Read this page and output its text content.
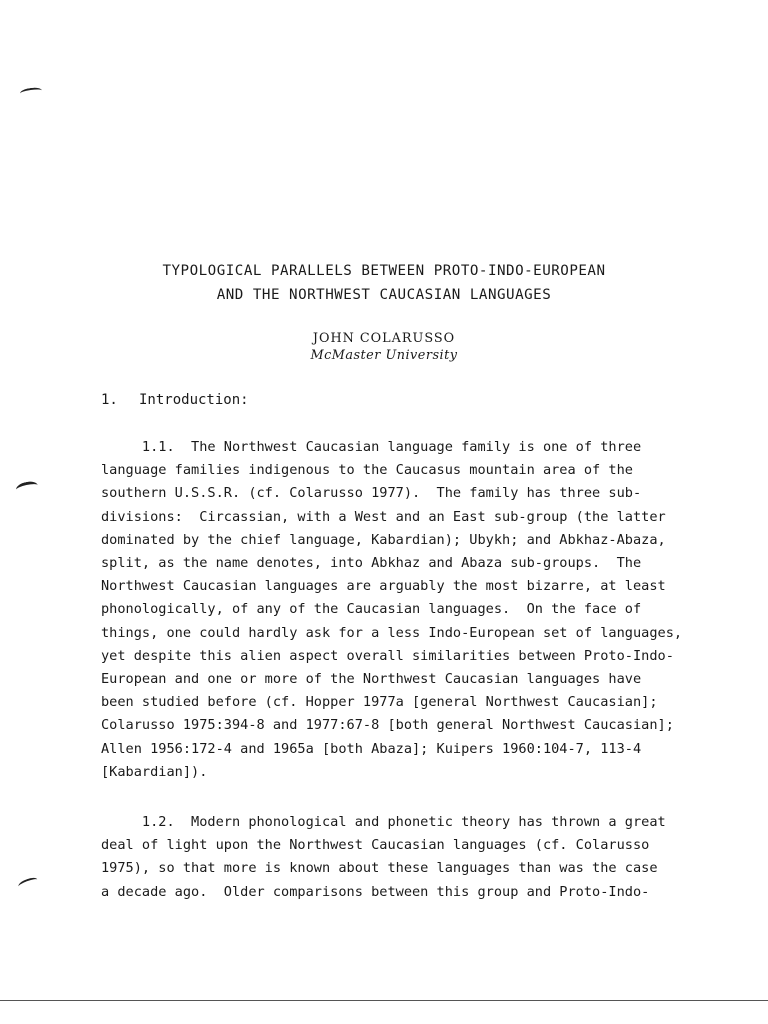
TYPOLOGICAL PARALLELS BETWEEN PROTO-INDO-EUROPEAN
AND THE NORTHWEST CAUCASIAN LANGUAGES
JOHN COLARUSSO
McMaster University
1. Introduction:
1.1.  The Northwest Caucasian language family is one of three
language families indigenous to the Caucasus mountain area of the
southern U.S.S.R. (cf. Colarusso 1977).  The family has three sub-
divisions:  Circassian, with a West and an East sub-group (the latter
dominated by the chief language, Kabardian); Ubykh; and Abkhaz-Abaza,
split, as the name denotes, into Abkhaz and Abaza sub-groups.  The
Northwest Caucasian languages are arguably the most bizarre, at least
phonologically, of any of the Caucasian languages.  On the face of
things, one could hardly ask for a less Indo-European set of languages,
yet despite this alien aspect overall similarities between Proto-Indo-
European and one or more of the Northwest Caucasian languages have
been studied before (cf. Hopper 1977a [general Northwest Caucasian];
Colarusso 1975:394-8 and 1977:67-8 [both general Northwest Caucasian];
Allen 1956:172-4 and 1965a [both Abaza]; Kuipers 1960:104-7, 113-4
[Kabardian]).
1.2.  Modern phonological and phonetic theory has thrown a great
deal of light upon the Northwest Caucasian languages (cf. Colarusso
1975), so that more is known about these languages than was the case
a decade ago.  Older comparisons between this group and Proto-Indo-
